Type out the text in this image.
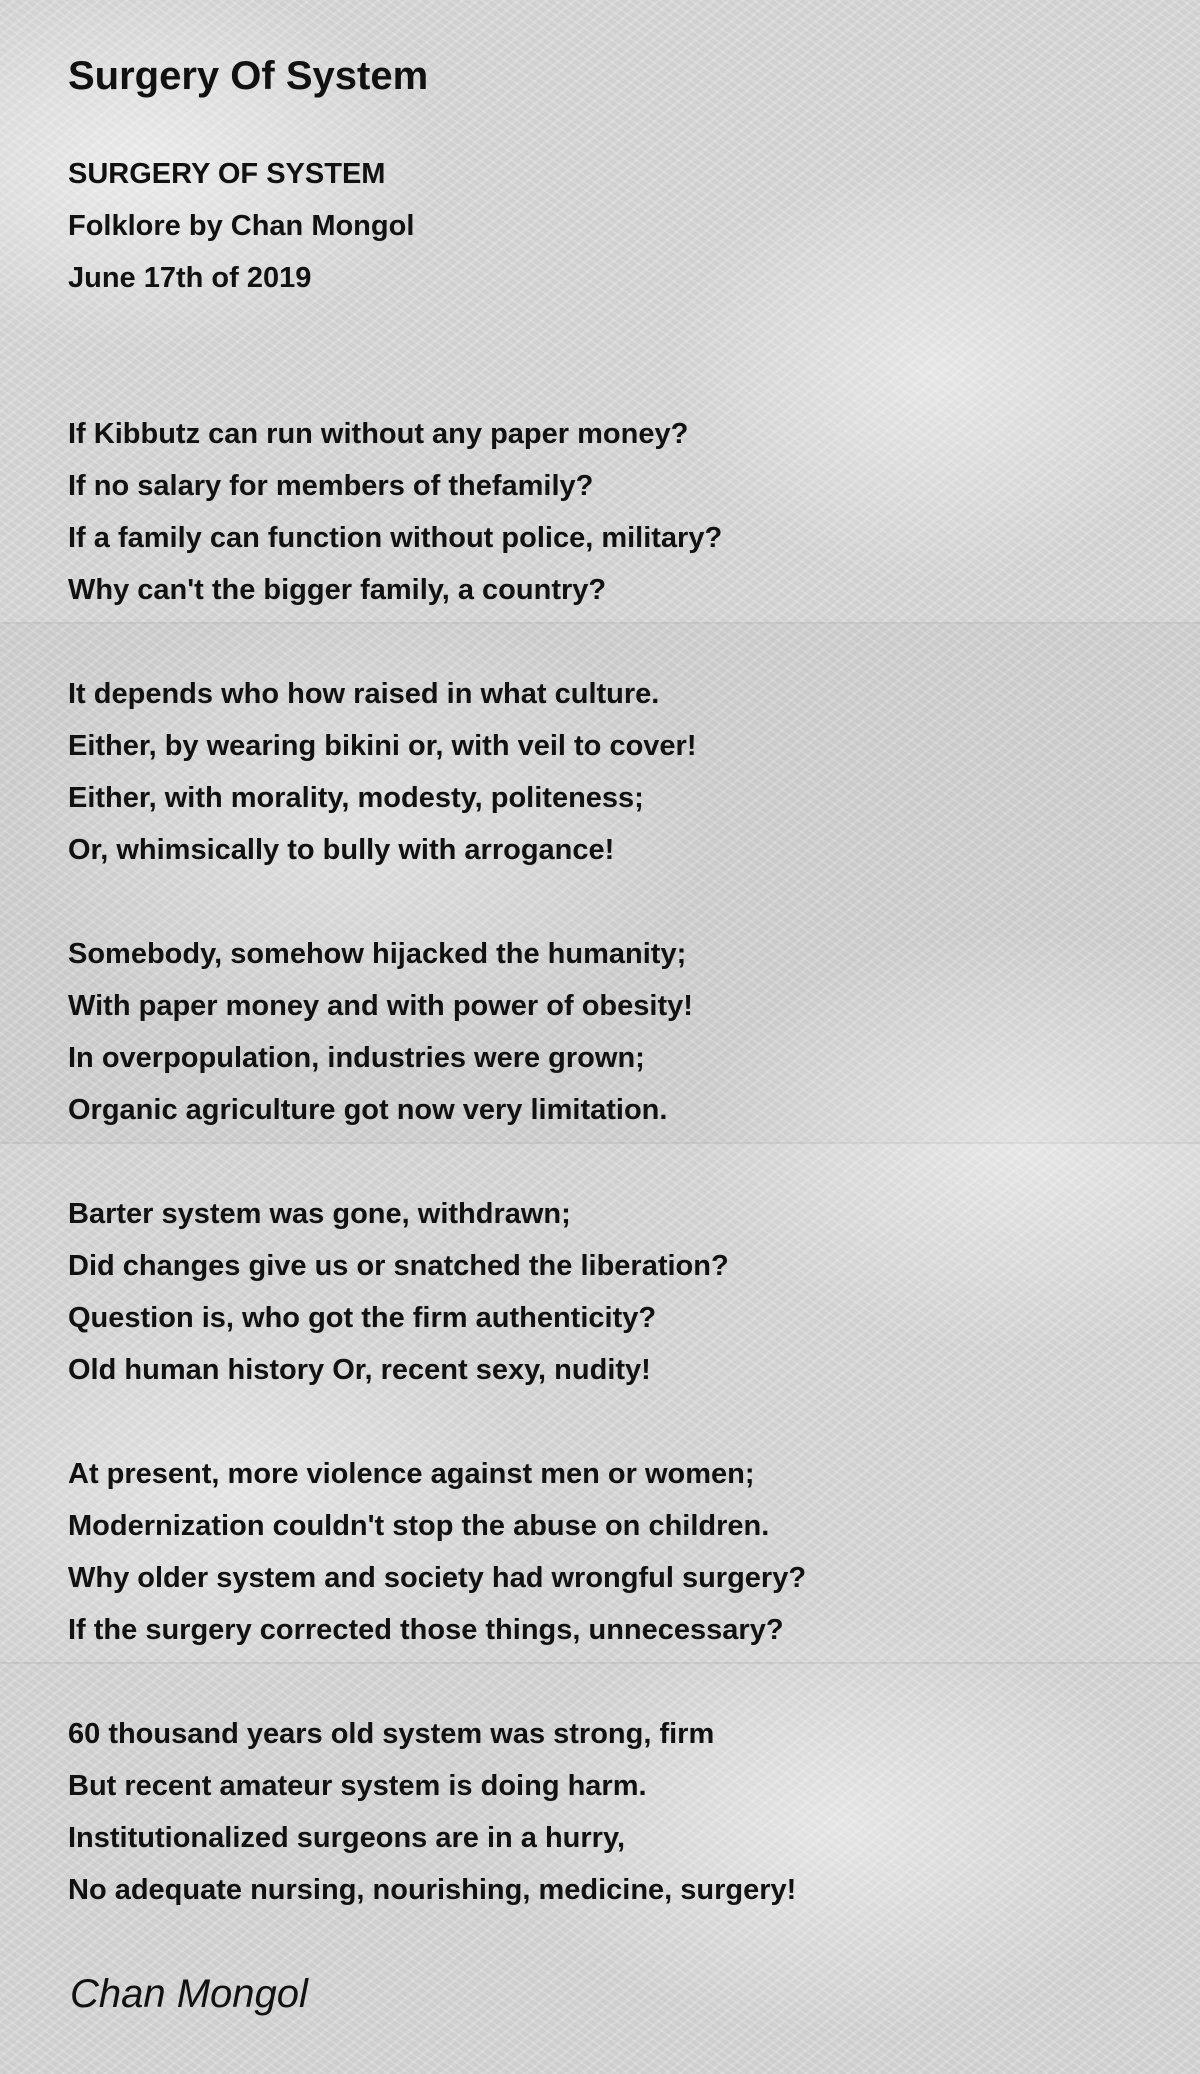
Surgery Of System
SURGERY OF SYSTEM
Folklore by Chan Mongol
June 17th of 2019
If Kibbutz can run without any paper money?
If no salary for members of thefamily?
If a family can function without police, military?
Why can't the bigger family, a country?
It depends who how raised in what culture.
Either, by wearing bikini or, with veil to cover!
Either, with morality, modesty, politeness;
Or, whimsically to bully with arrogance!
Somebody, somehow hijacked the humanity;
With paper money and with power of obesity!
In overpopulation, industries were grown;
Organic agriculture got now very limitation.
Barter system was gone, withdrawn;
Did changes give us or snatched the liberation?
Question is, who got the firm authenticity?
Old human history Or, recent sexy, nudity!
At present, more violence against men or women;
Modernization couldn't stop the abuse on children.
Why older system and society had wrongful surgery?
If the surgery corrected those things, unnecessary?
60 thousand years old system was strong, firm
But recent amateur system is doing harm.
Institutionalized surgeons are in a hurry,
No adequate nursing, nourishing, medicine, surgery!
Chan Mongol
